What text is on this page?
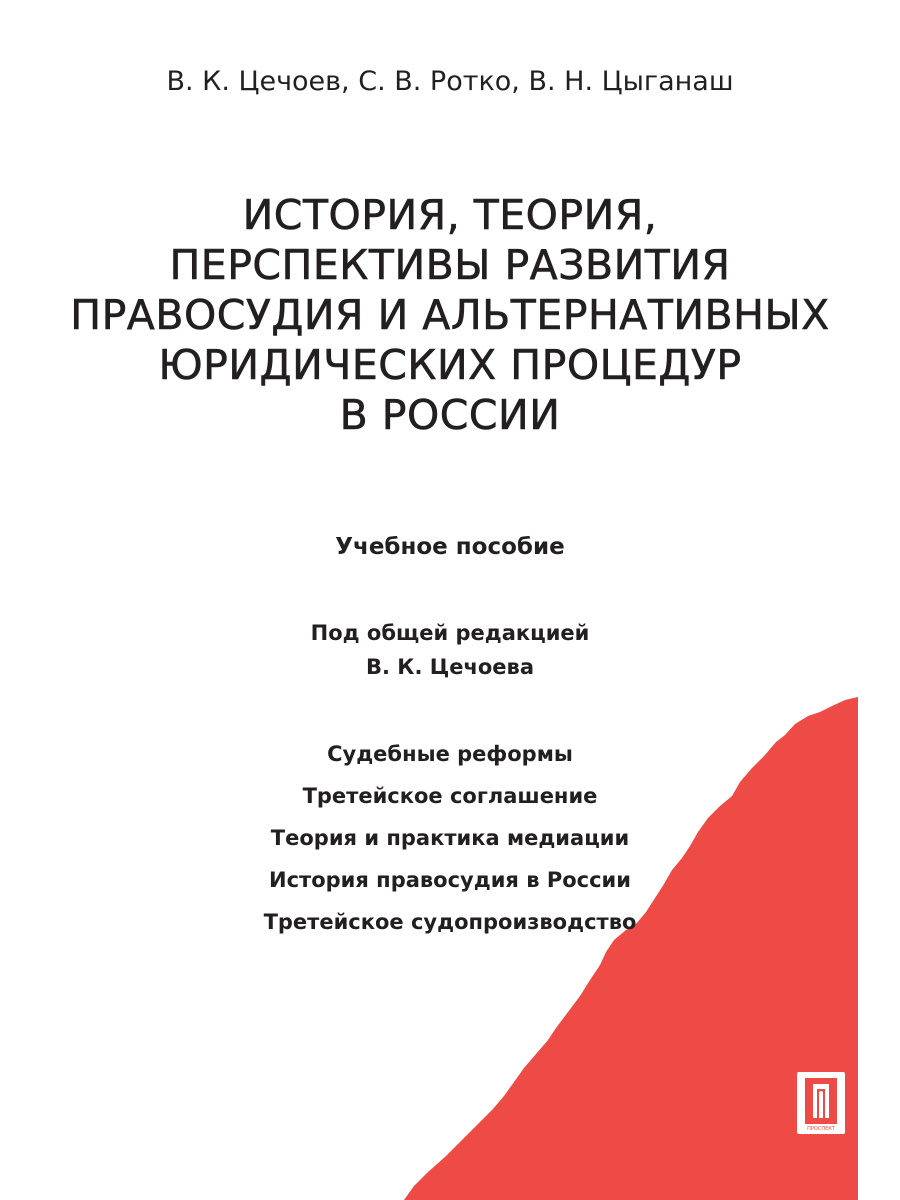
В. К. Цечоев, С. В. Ротко, В. Н. Цыганаш
ИСТОРИЯ, ТЕОРИЯ,
ПЕРСПЕКТИВЫ РАЗВИТИЯ
ПРАВОСУДИЯ И АЛЬТЕРНАТИВНЫХ
ЮРИДИЧЕСКИХ ПРОЦЕДУР
В РОССИИ
Учебное пособие
Под общей редакцией
В. К. Цечоева
Судебные реформы
Третейское соглашение
Теория и практика медиации
История правосудия в России
Третейское судопроизводство
ПРОСПЕКТ
